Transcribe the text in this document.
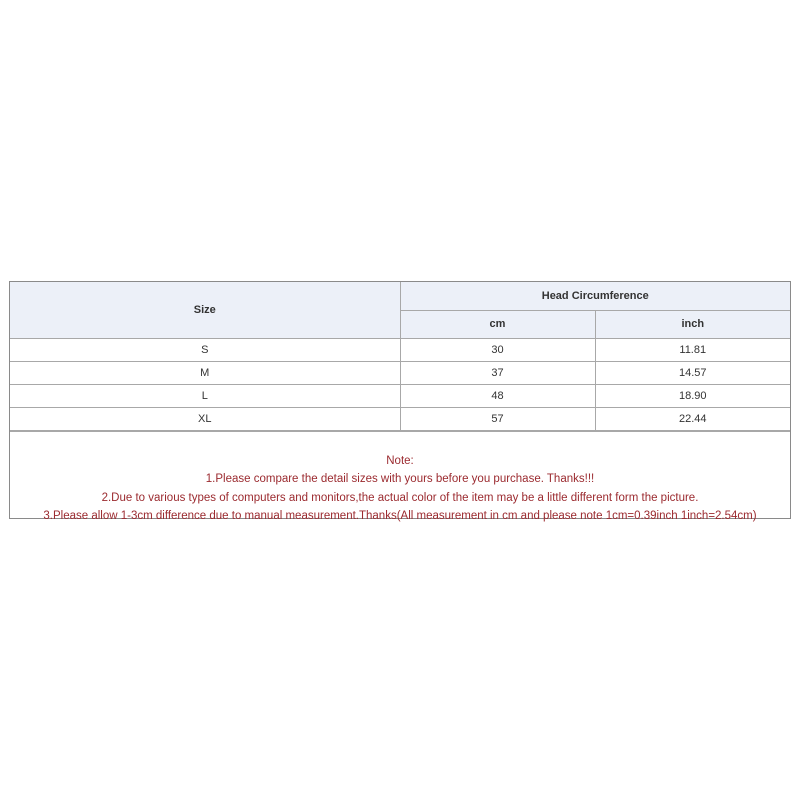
Size	Head Circumference	
	cm	inch
S	30	11.81
M	37	14.57
L	48	18.90
XL	57	22.44
Note:
1.Please compare the detail sizes with yours before you purchase. Thanks!!!
2.Due to various types of computers and monitors,the actual color of the item may be a little different form the picture.
3.Please allow 1-3cm difference due to manual measurement.Thanks(All measurement in cm and please note 1cm=0.39inch 1inch=2.54cm)
